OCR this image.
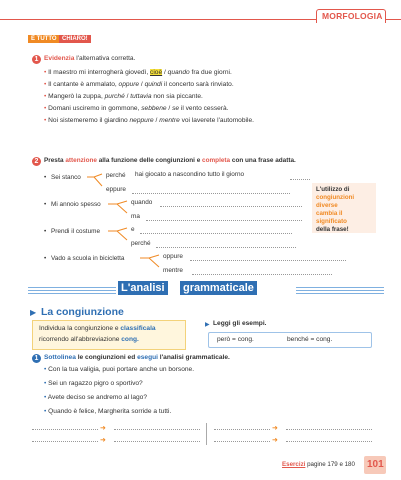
MORFOLOGIA
È TUTTO CHIARO!
1 Evidenzia l'alternativa corretta.
• Il maestro mi interrogherà giovedì, cioè / quando fra due giorni.
• Il cantante è ammalato, oppure / quindi il concerto sarà rinviato.
• Mangerò la zuppa, purché / tuttavia non sia piccante.
• Domani usciremo in gommone, sebbene / se il vento cesserà.
• Noi sistemeremo il giardino neppure / mentre voi laverete l'automobile.
2 Presta attenzione alla funzione delle congiunzioni e completa con una frase adatta.
• Sei stanco	perché hai giocato a nascondino tutto il giorno
eppure
• Mi annoio spesso	quando
ma
• Prendi il costume	e
perché
• Vado a scuola in bicicletta	oppure
mentre
L'utilizzo di
congiunzioni
diverse
cambia il
significato
della frase!
L'analisi grammaticale
▶ La congiunzione
Individua la congiunzione e classificala
ricorrendo all'abbreviazione cong.
▶ Leggi gli esempi.
però = cong.	benché = cong.
1 Sottolinea le congiunzioni ed esegui l'analisi grammaticale.
• Con la tua valigia, puoi portare anche un borsone.
• Sei un ragazzo pigro o sportivo?
• Avete deciso se andremo al lago?
• Quando è felice, Margherita sorride a tutti.
➜
➜
➜
➜
Esercizi pagine 179 e 180 101
